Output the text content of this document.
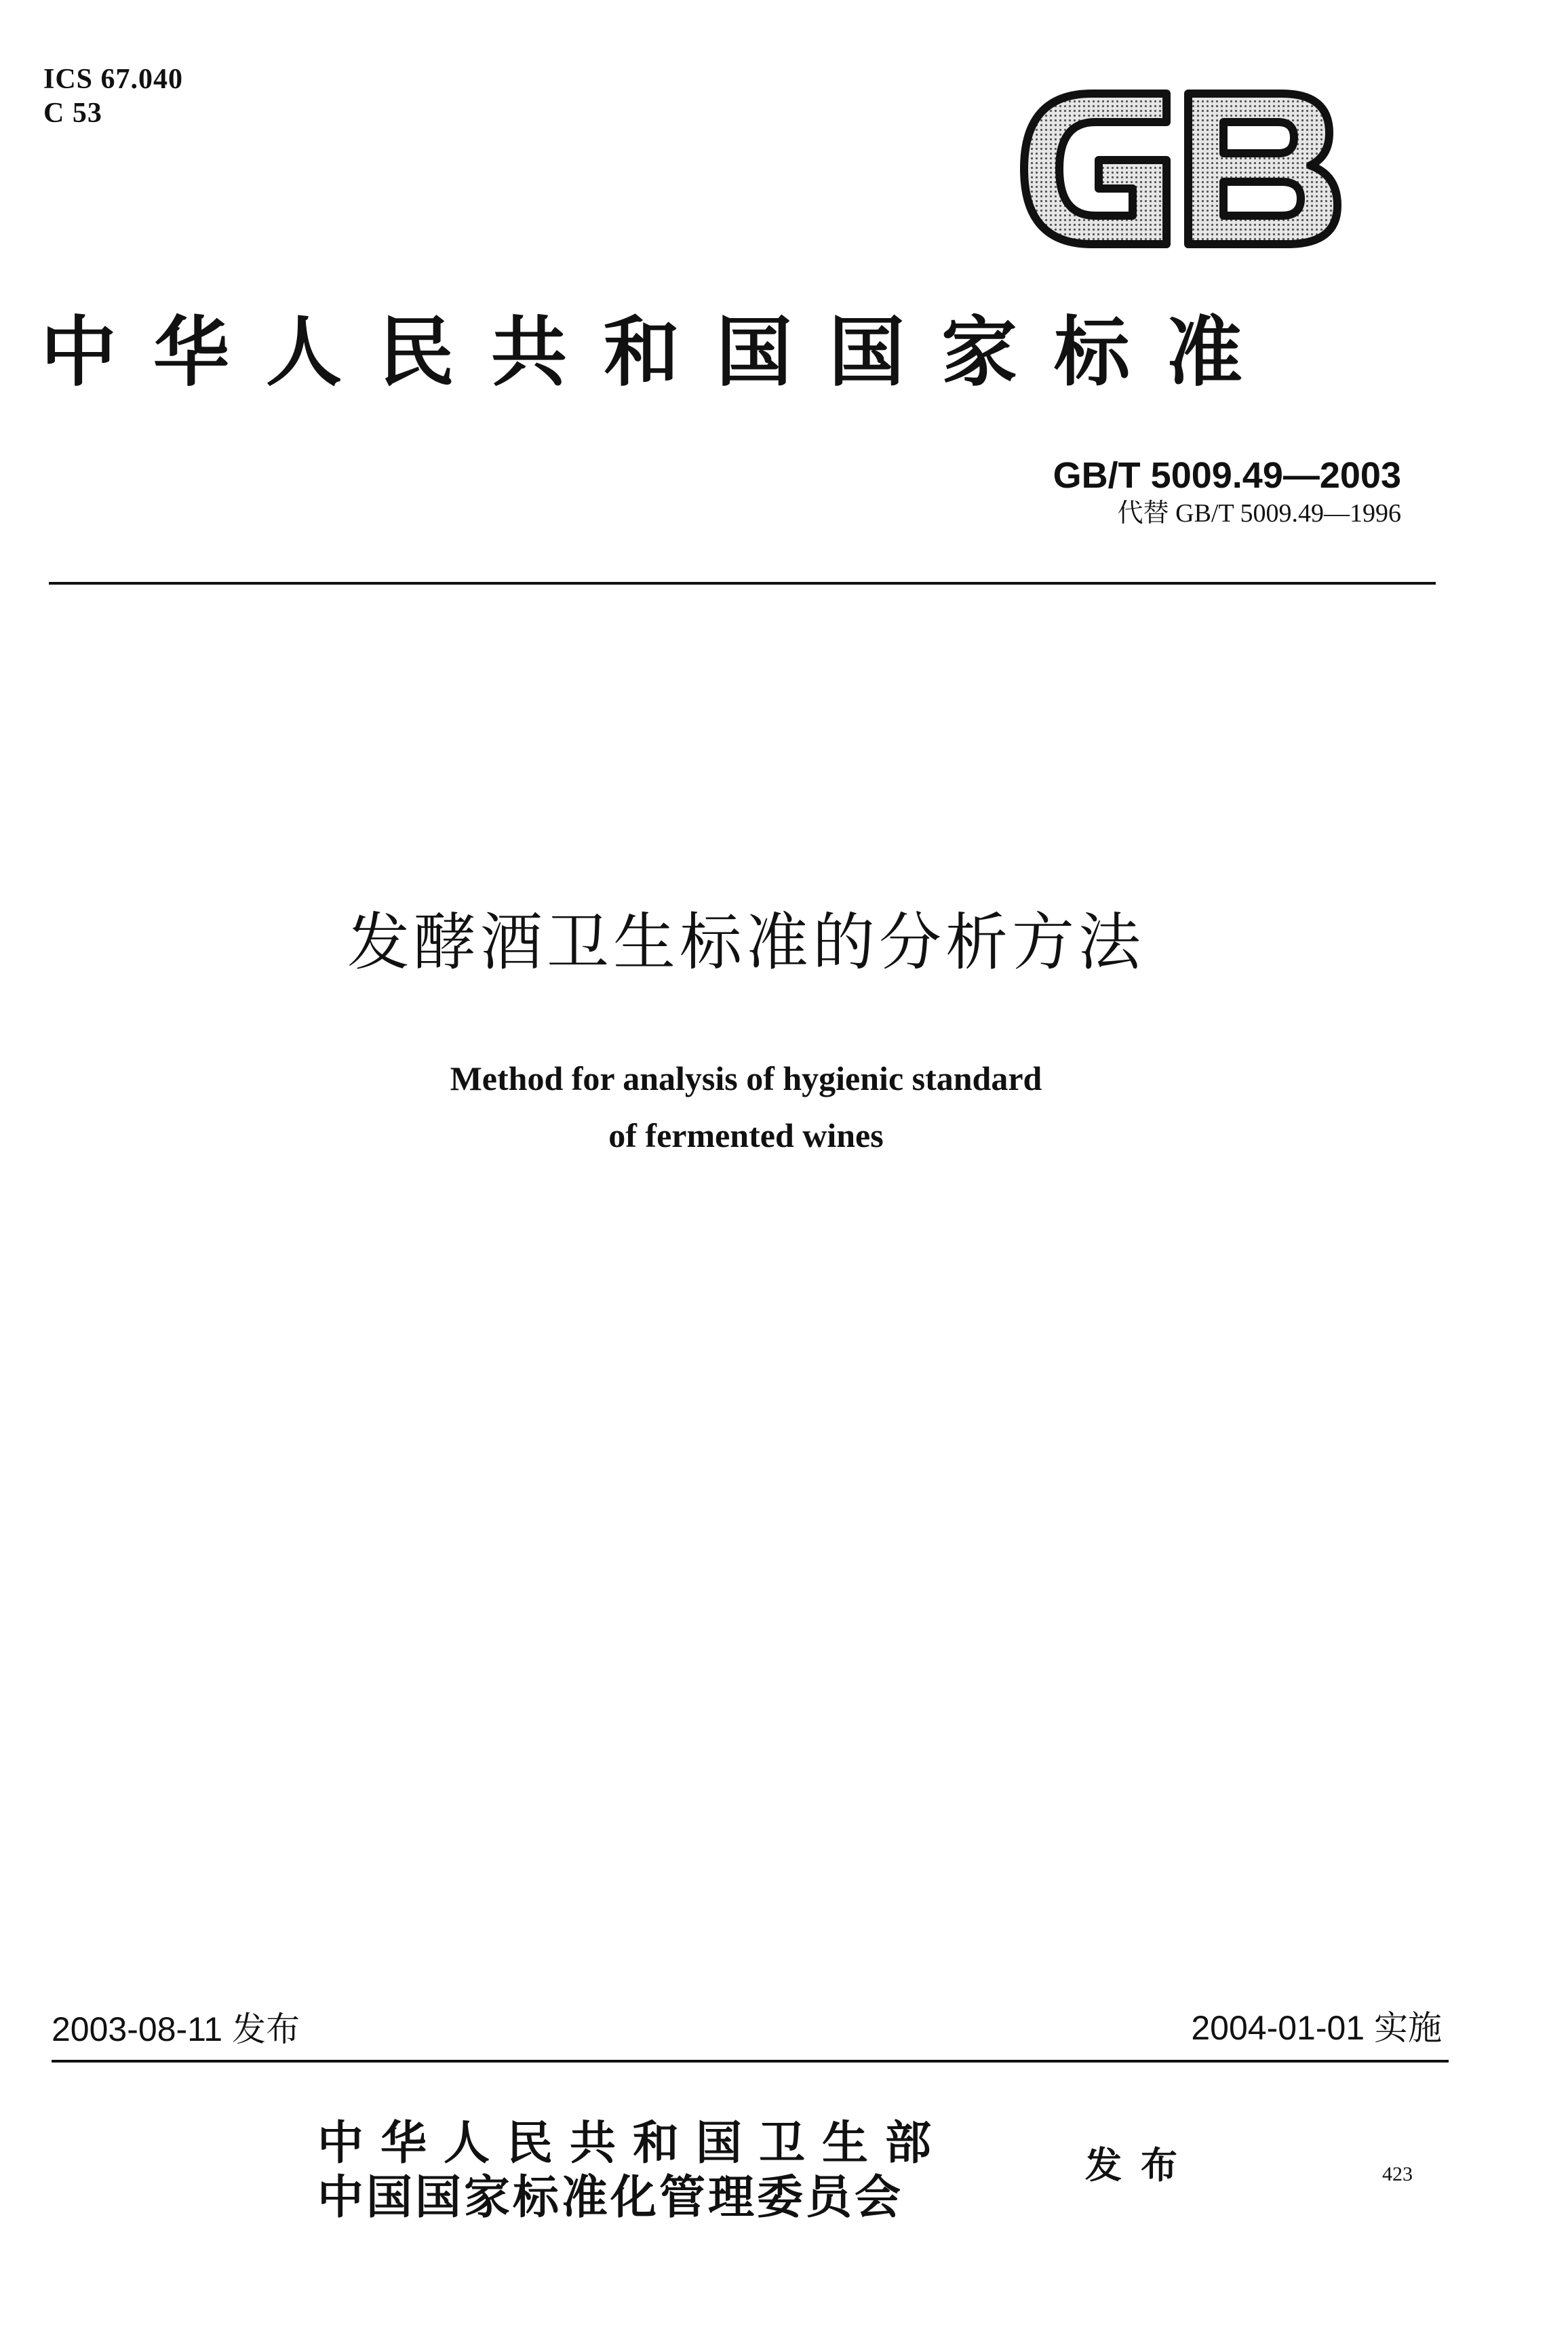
ICS 67.040
C 53
中华人民共和国国家标准
GB/T 5009.49—2003
代替 GB/T 5009.49—1996
发酵酒卫生标准的分析方法
Method for analysis of hygienic standard
of fermented wines
2003-08-11 发布	2004-01-01 实施
中华人民共和国卫生部
中国国家标准化管理委员会
发布	423
